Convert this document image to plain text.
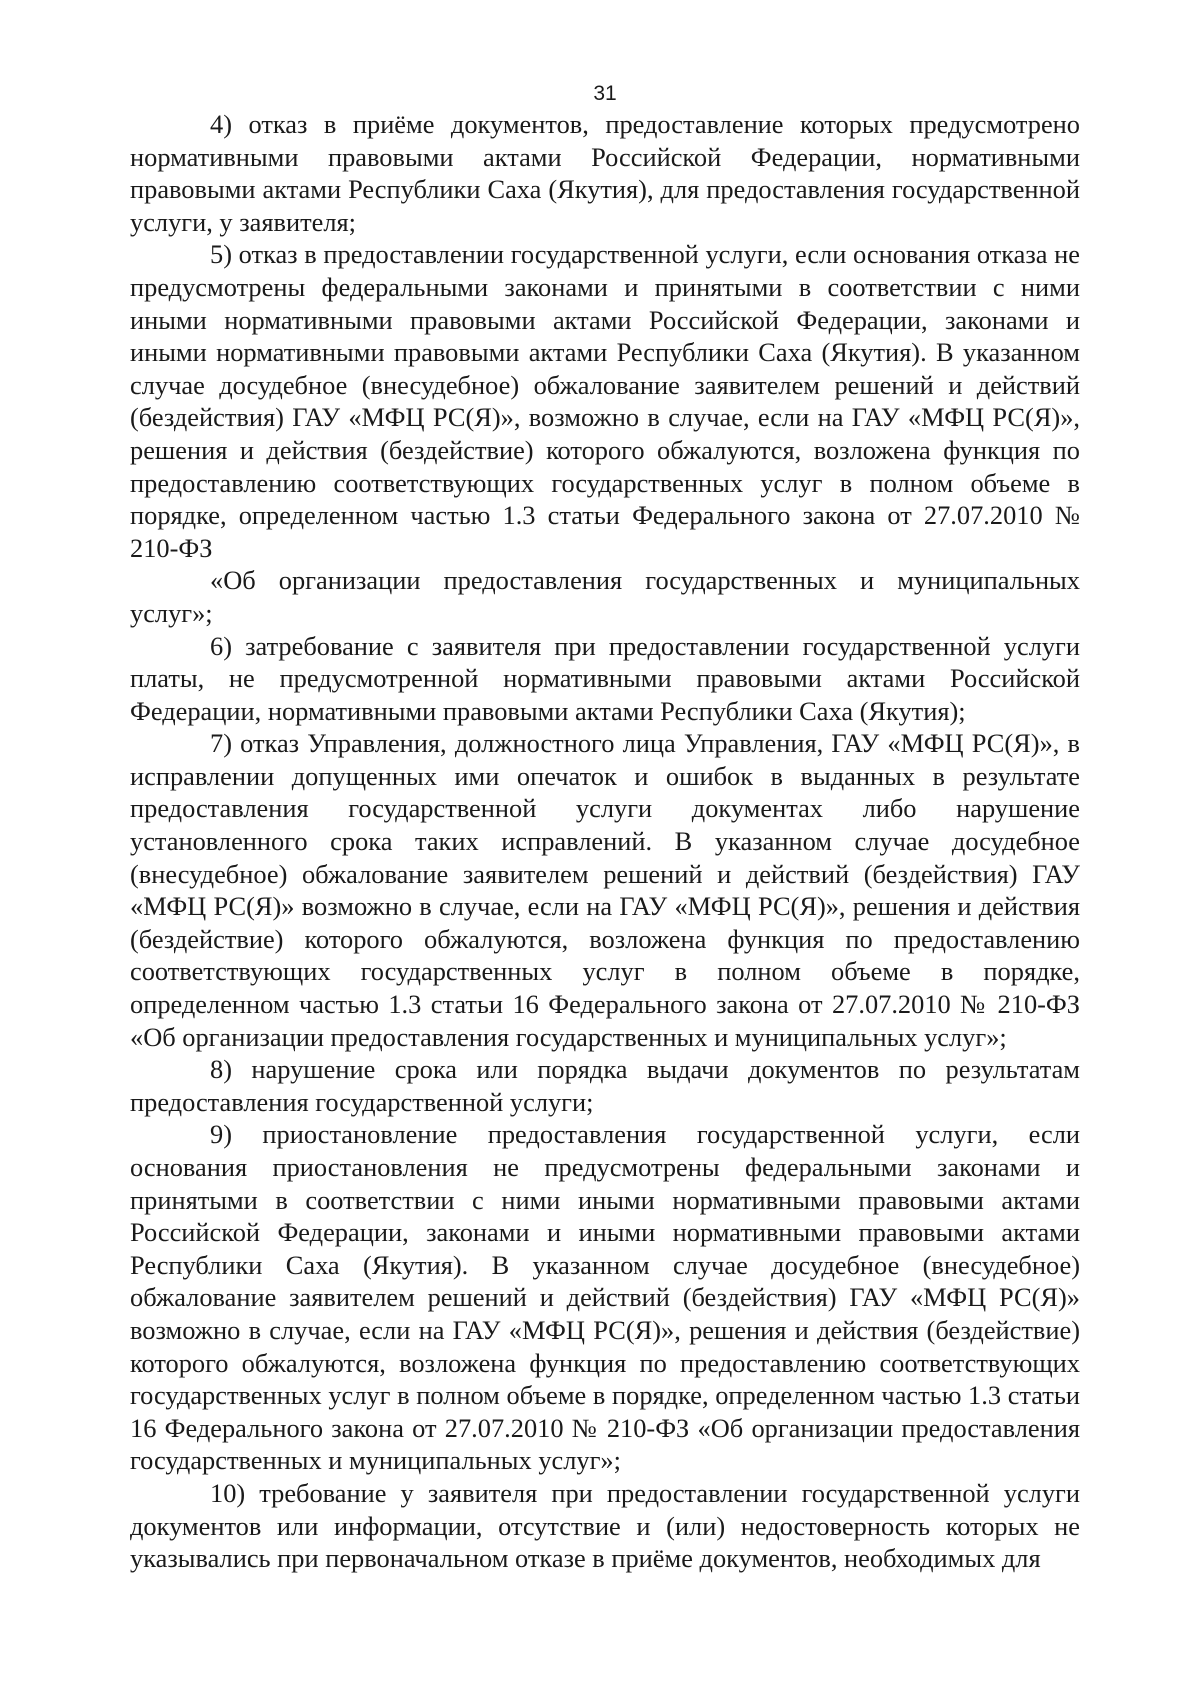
31

4) отказ в приёме документов, предоставление которых предусмотрено нормативными правовыми актами Российской Федерации, нормативными правовыми актами Республики Саха (Якутия), для предоставления государственной услуги, у заявителя;

5) отказ в предоставлении государственной услуги, если основания отказа не предусмотрены федеральными законами и принятыми в соответствии с ними иными нормативными правовыми актами Российской Федерации, законами и иными нормативными правовыми актами Республики Саха (Якутия). В указанном случае досудебное (внесудебное) обжалование заявителем решений и действий (бездействия) ГАУ «МФЦ РС(Я)», возможно в случае, если на ГАУ «МФЦ РС(Я)», решения и действия (бездействие) которого обжалуются, возложена функция по предоставлению соответствующих государственных услуг в полном объеме в порядке, определенном частью 1.3 статьи Федерального закона от 27.07.2010 № 210-ФЗ

«Об организации предоставления государственных и муниципальных услуг»;

6) затребование с заявителя при предоставлении государственной услуги платы, не предусмотренной нормативными правовыми актами Российской Федерации, нормативными правовыми актами Республики Саха (Якутия);

7) отказ Управления, должностного лица Управления, ГАУ «МФЦ РС(Я)», в исправлении допущенных ими опечаток и ошибок в выданных в результате предоставления государственной услуги документах либо нарушение установленного срока таких исправлений. В указанном случае досудебное (внесудебное) обжалование заявителем решений и действий (бездействия) ГАУ «МФЦ РС(Я)» возможно в случае, если на ГАУ «МФЦ РС(Я)», решения и действия (бездействие) которого обжалуются, возложена функция по предоставлению соответствующих государственных услуг в полном объеме в порядке, определенном частью 1.3 статьи 16 Федерального закона от 27.07.2010 № 210-ФЗ «Об организации предоставления государственных и муниципальных услуг»;

8) нарушение срока или порядка выдачи документов по результатам предоставления государственной услуги;

9) приостановление предоставления государственной услуги, если основания приостановления не предусмотрены федеральными законами и принятыми в соответствии с ними иными нормативными правовыми актами Российской Федерации, законами и иными нормативными правовыми актами Республики Саха (Якутия). В указанном случае досудебное (внесудебное) обжалование заявителем решений и действий (бездействия) ГАУ «МФЦ РС(Я)» возможно в случае, если на ГАУ «МФЦ РС(Я)», решения и действия (бездействие) которого обжалуются, возложена функция по предоставлению соответствующих государственных услуг в полном объеме в порядке, определенном частью 1.3 статьи 16 Федерального закона от 27.07.2010 № 210-ФЗ «Об организации предоставления государственных и муниципальных услуг»;

10) требование у заявителя при предоставлении государственной услуги документов или информации, отсутствие и (или) недостоверность которых не указывались при первоначальном отказе в приёме документов, необходимых для
